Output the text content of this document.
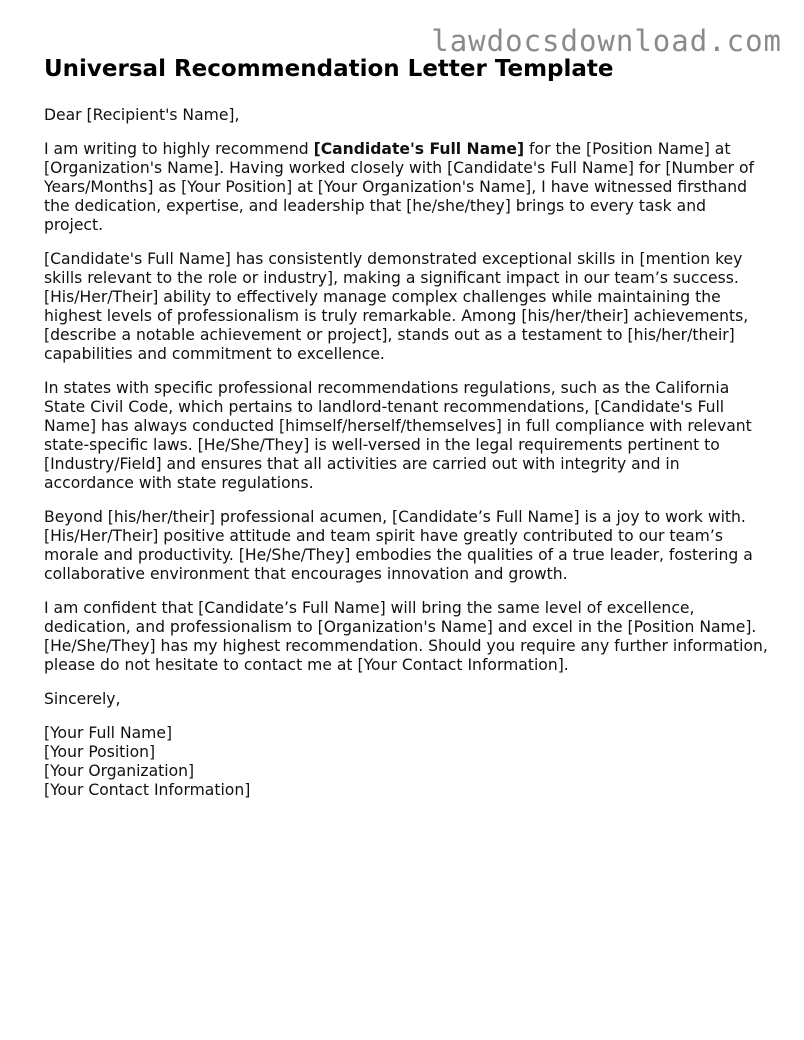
lawdocsdownload.com
Universal Recommendation Letter Template

Dear [Recipient's Name],

I am writing to highly recommend [Candidate's Full Name] for the [Position Name] at [Organization's Name]. Having worked closely with [Candidate's Full Name] for [Number of Years/Months] as [Your Position] at [Your Organization's Name], I have witnessed firsthand the dedication, expertise, and leadership that [he/she/they] brings to every task and project.

[Candidate's Full Name] has consistently demonstrated exceptional skills in [mention key skills relevant to the role or industry], making a significant impact in our team’s success. [His/Her/Their] ability to effectively manage complex challenges while maintaining the highest levels of professionalism is truly remarkable. Among [his/her/their] achievements, [describe a notable achievement or project], stands out as a testament to [his/her/their] capabilities and commitment to excellence.

In states with specific professional recommendations regulations, such as the California State Civil Code, which pertains to landlord-tenant recommendations, [Candidate's Full Name] has always conducted [himself/herself/themselves] in full compliance with relevant state-specific laws. [He/She/They] is well-versed in the legal requirements pertinent to [Industry/Field] and ensures that all activities are carried out with integrity and in accordance with state regulations.

Beyond [his/her/their] professional acumen, [Candidate’s Full Name] is a joy to work with. [His/Her/Their] positive attitude and team spirit have greatly contributed to our team’s morale and productivity. [He/She/They] embodies the qualities of a true leader, fostering a collaborative environment that encourages innovation and growth.

I am confident that [Candidate’s Full Name] will bring the same level of excellence, dedication, and professionalism to [Organization's Name] and excel in the [Position Name]. [He/She/They] has my highest recommendation. Should you require any further information, please do not hesitate to contact me at [Your Contact Information].

Sincerely,

[Your Full Name]
[Your Position]
[Your Organization]
[Your Contact Information]
